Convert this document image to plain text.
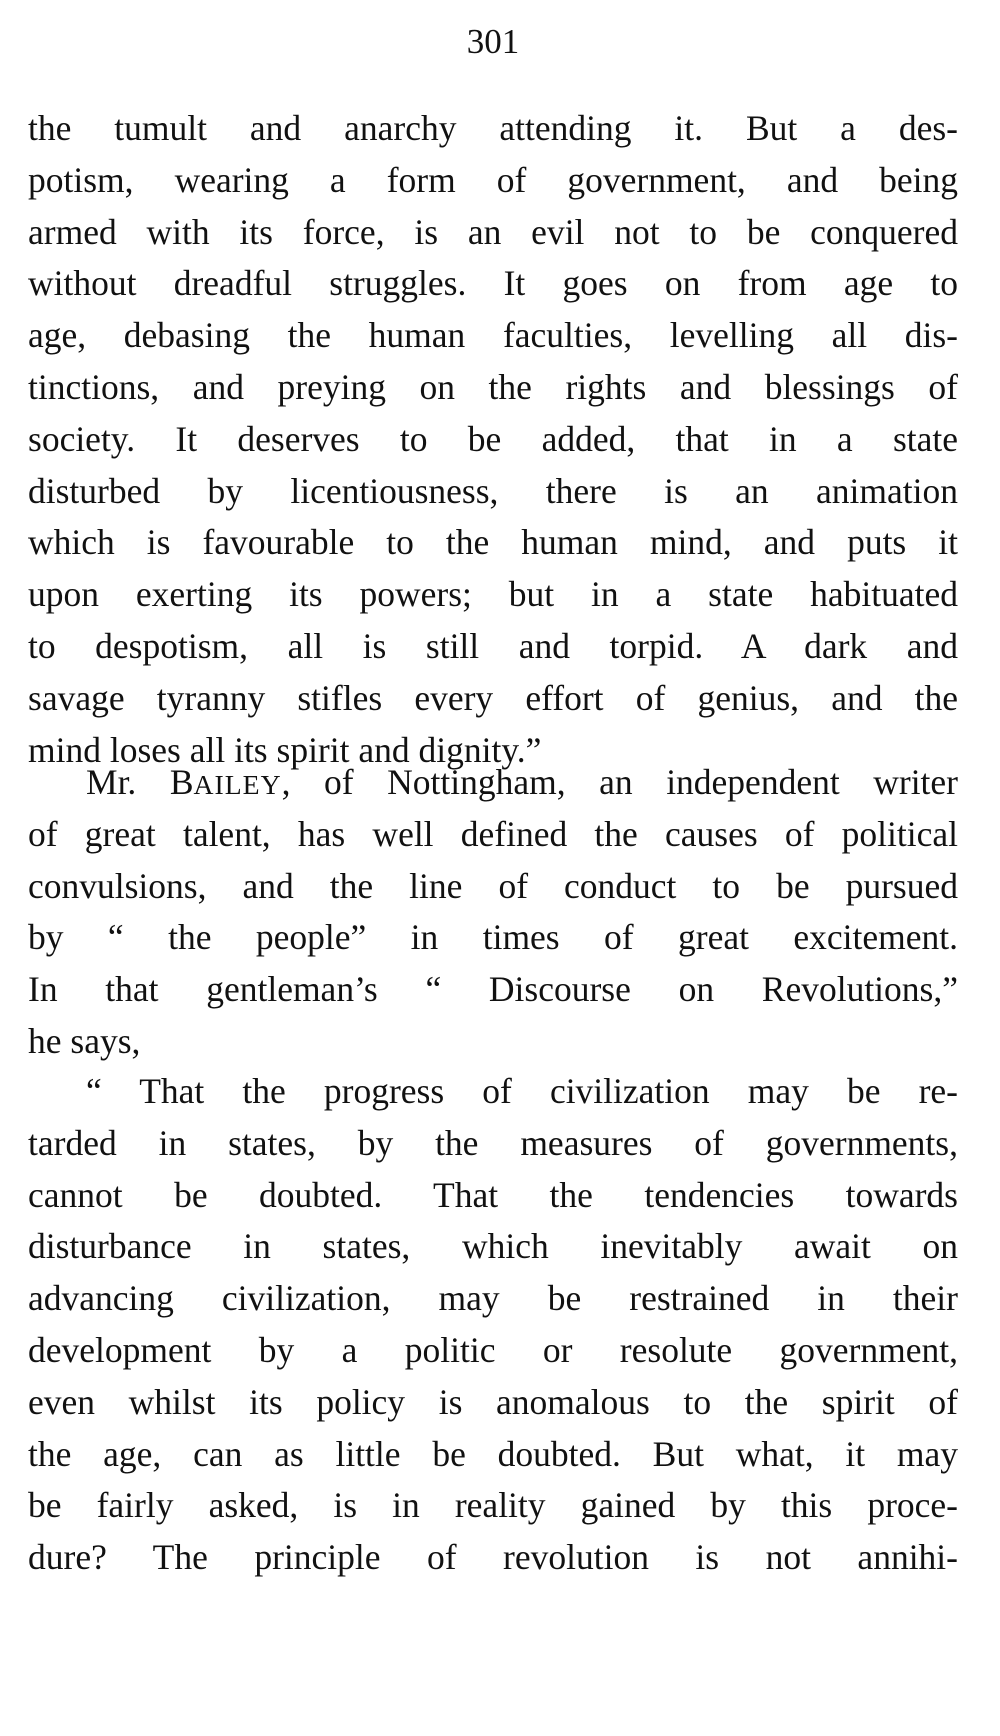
301
the tumult and anarchy attending it. But a des-
potism, wearing a form of government, and being
armed with its force, is an evil not to be conquered
without dreadful struggles. It goes on from age to
age, debasing the human faculties, levelling all dis-
tinctions, and preying on the rights and blessings of
society. It deserves to be added, that in a state
disturbed by licentiousness, there is an animation
which is favourable to the human mind, and puts it
upon exerting its powers; but in a state habituated
to despotism, all is still and torpid. A dark and
savage tyranny stifles every effort of genius, and the
mind loses all its spirit and dignity.”
Mr. BAILEY, of Nottingham, an independent writer
of great talent, has well defined the causes of political
convulsions, and the line of conduct to be pursued
by “ the people” in times of great excitement.
In that gentleman’s “ Discourse on Revolutions,”
he says,
“ That the progress of civilization may be re-
tarded in states, by the measures of governments,
cannot be doubted. That the tendencies towards
disturbance in states, which inevitably await on
advancing civilization, may be restrained in their
development by a politic or resolute government,
even whilst its policy is anomalous to the spirit of
the age, can as little be doubted. But what, it may
be fairly asked, is in reality gained by this proce-
dure? The principle of revolution is not annihi-
